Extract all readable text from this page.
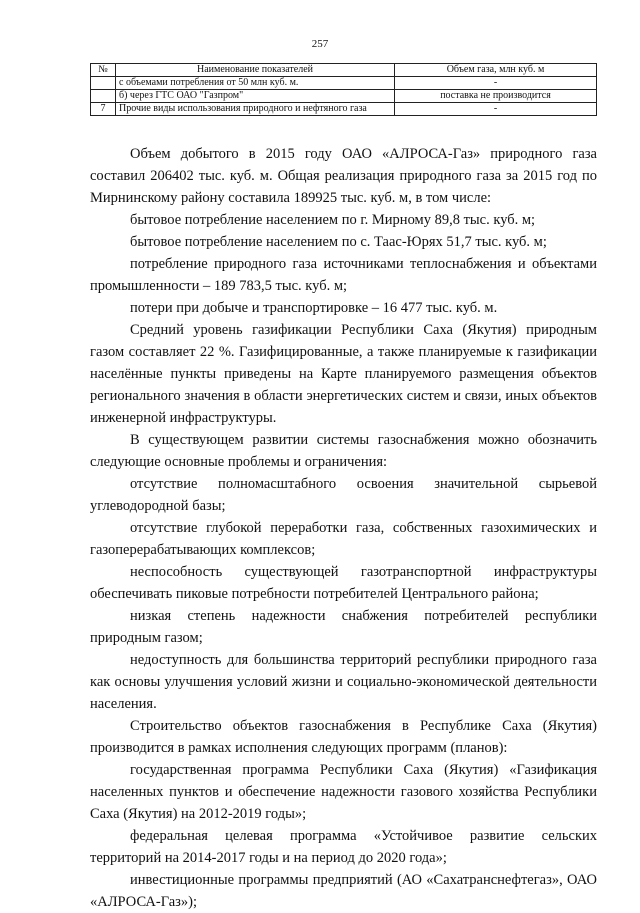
257
№	Наименование показателей	Объем газа, млн куб. м
	с объемами потребления от 50 млн куб. м.	-
	б) через ГТС ОАО "Газпром"	поставка не производится
7	Прочие виды использования природного и нефтяного газа	-

Объем добытого в 2015 году ОАО «АЛРОСА-Газ» природного газа составил 206402 тыс. куб. м. Общая реализация природного газа за 2015 год по Мирнинскому району составила 189925 тыс. куб. м, в том числе:

бытовое потребление населением по г. Мирному 89,8 тыс. куб. м;

бытовое потребление населением по с. Таас-Юрях 51,7 тыс. куб. м;

потребление природного газа источниками теплоснабжения и объектами промышленности – 189 783,5 тыс. куб. м;

потери при добыче и транспортировке – 16 477 тыс. куб. м.

Средний уровень газификации Республики Саха (Якутия) природным газом составляет 22 %. Газифицированные, а также планируемые к газификации населённые пункты приведены на Карте планируемого размещения объектов регионального значения в области энергетических систем и связи, иных объектов инженерной инфраструктуры.

В существующем развитии системы газоснабжения можно обозначить следующие основные проблемы и ограничения:

отсутствие полномасштабного освоения значительной сырьевой углеводородной базы;

отсутствие глубокой переработки газа, собственных газохимических и газоперерабатывающих комплексов;

неспособность существующей газотранспортной инфраструктуры обеспечивать пиковые потребности потребителей Центрального района;

низкая степень надежности снабжения потребителей республики природным газом;

недоступность для большинства территорий республики природного газа как основы улучшения условий жизни и социально-экономической деятельности населения.

Строительство объектов газоснабжения в Республике Саха (Якутия) производится в рамках исполнения следующих программ (планов):

государственная программа Республики Саха (Якутия) «Газификация населенных пунктов и обеспечение надежности газового хозяйства Республики Саха (Якутия) на 2012-2019 годы»;

федеральная целевая программа «Устойчивое развитие сельских территорий на 2014-2017 годы и на период до 2020 года»;

инвестиционные программы предприятий (АО «Сахатранснефтегаз», ОАО «АЛРОСА-Газ»);
